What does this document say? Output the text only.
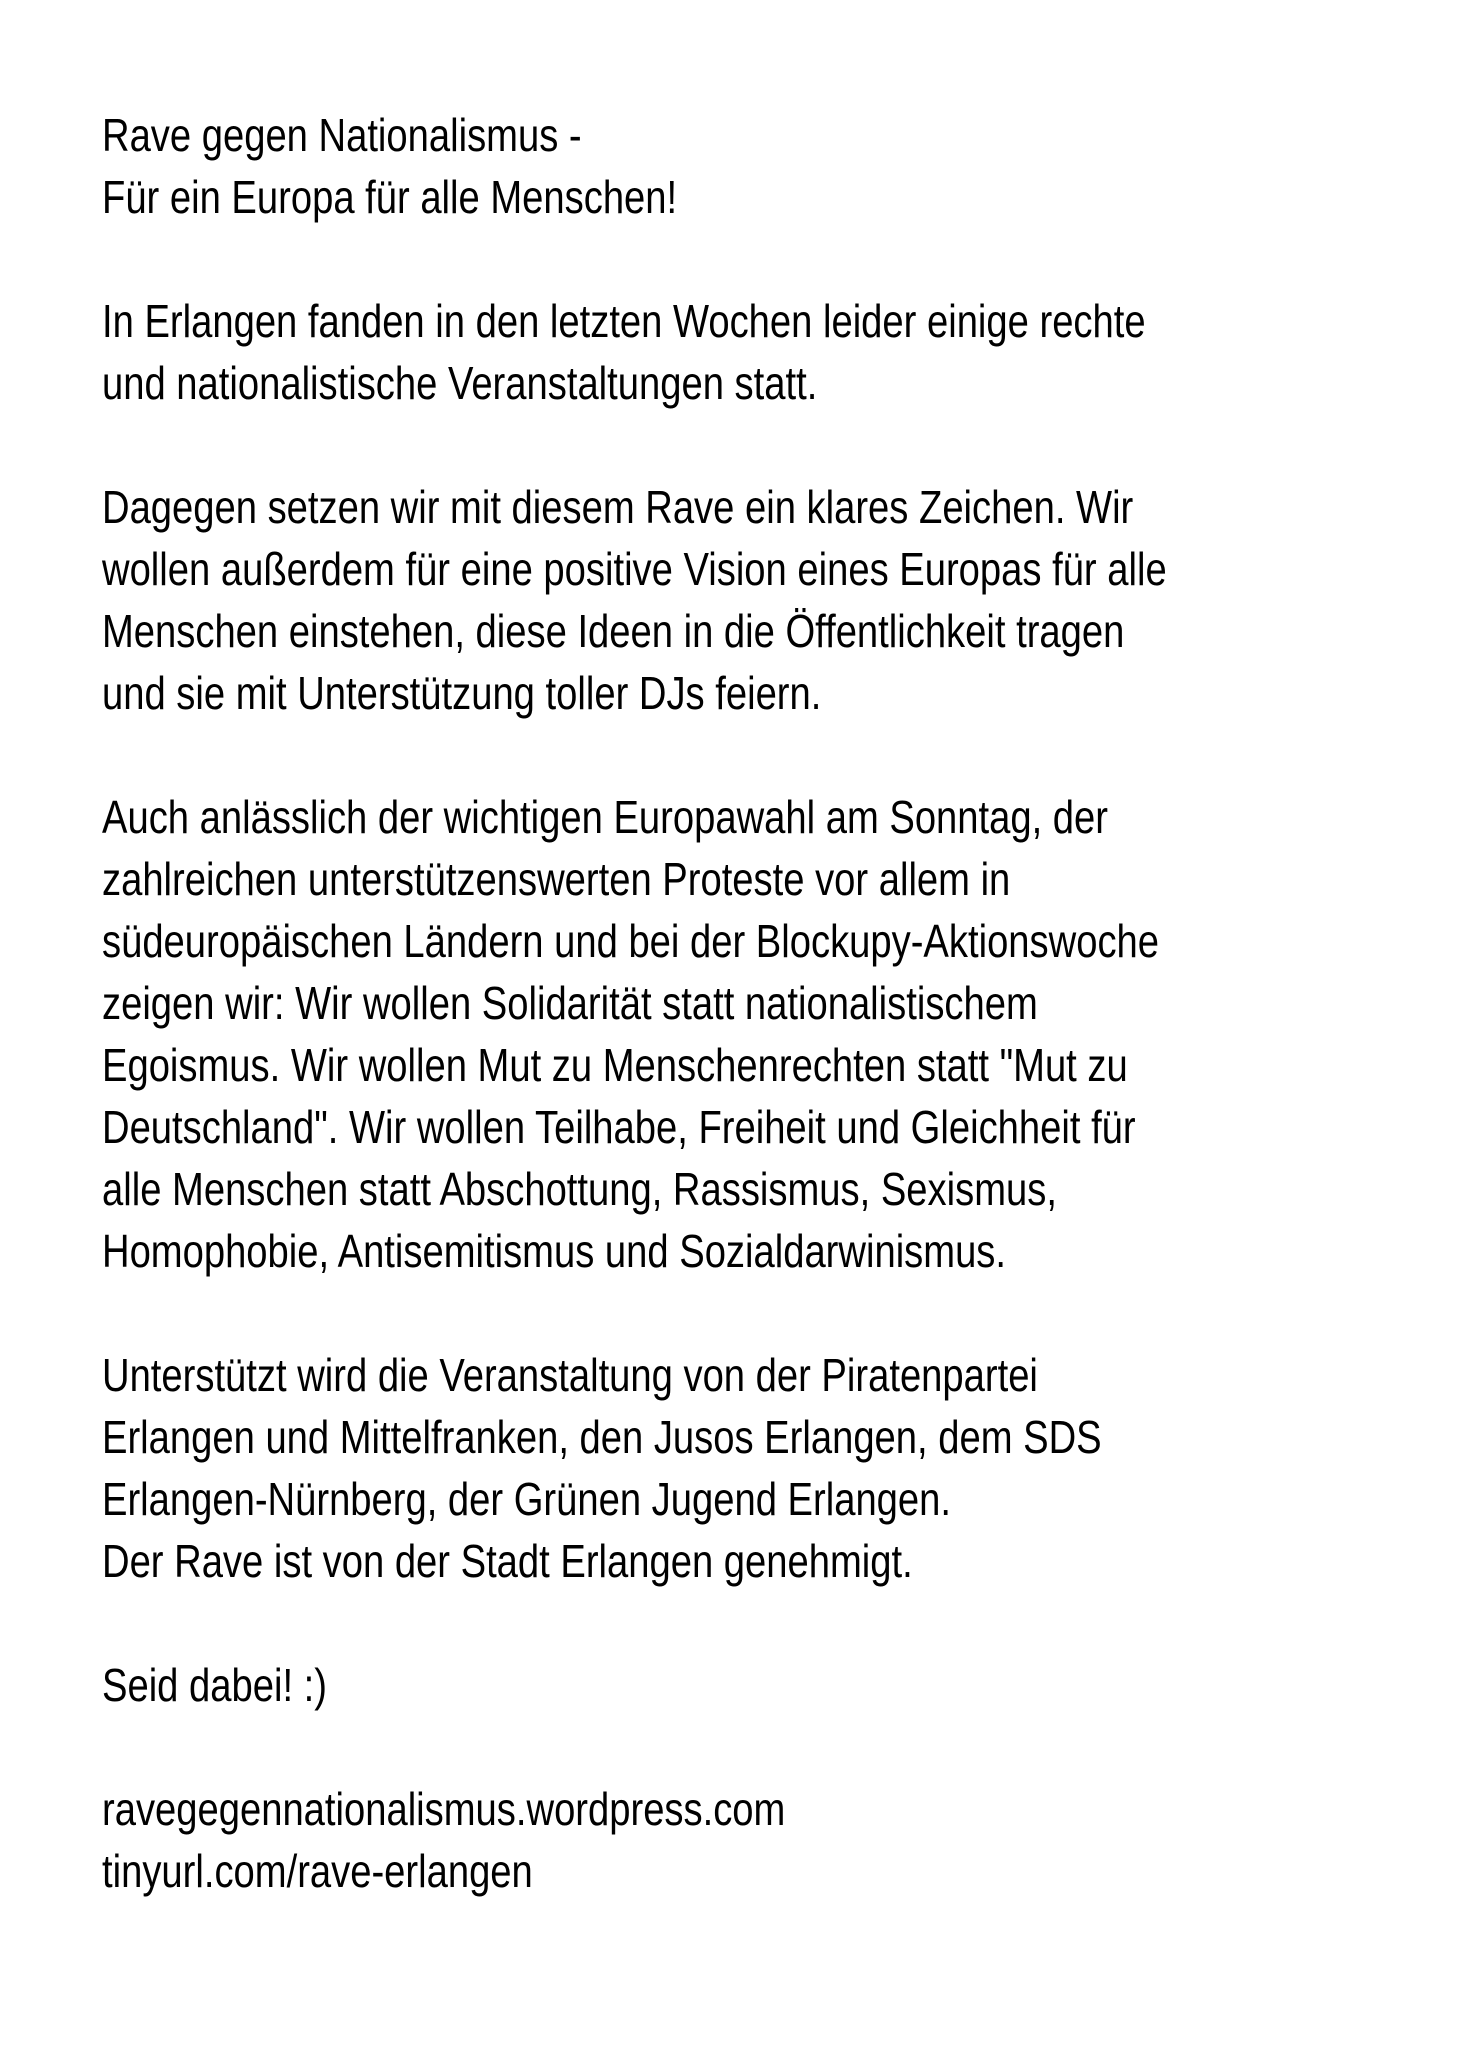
Rave gegen Nationalismus -
Für ein Europa für alle Menschen!
In Erlangen fanden in den letzten Wochen leider einige rechte
und nationalistische Veranstaltungen statt.
Dagegen setzen wir mit diesem Rave ein klares Zeichen. Wir
wollen außerdem für eine positive Vision eines Europas für alle
Menschen einstehen, diese Ideen in die Öffentlichkeit tragen
und sie mit Unterstützung toller DJs feiern.
Auch anlässlich der wichtigen Europawahl am Sonntag, der
zahlreichen unterstützenswerten Proteste vor allem in
südeuropäischen Ländern und bei der Blockupy-Aktionswoche
zeigen wir: Wir wollen Solidarität statt nationalistischem
Egoismus. Wir wollen Mut zu Menschenrechten statt "Mut zu
Deutschland". Wir wollen Teilhabe, Freiheit und Gleichheit für
alle Menschen statt Abschottung, Rassismus, Sexismus,
Homophobie, Antisemitismus und Sozialdarwinismus.
Unterstützt wird die Veranstaltung von der Piratenpartei
Erlangen und Mittelfranken, den Jusos Erlangen, dem SDS
Erlangen-Nürnberg, der Grünen Jugend Erlangen.
Der Rave ist von der Stadt Erlangen genehmigt.
Seid dabei! :)
ravegegennationalismus.wordpress.com
tinyurl.com/rave-erlangen
